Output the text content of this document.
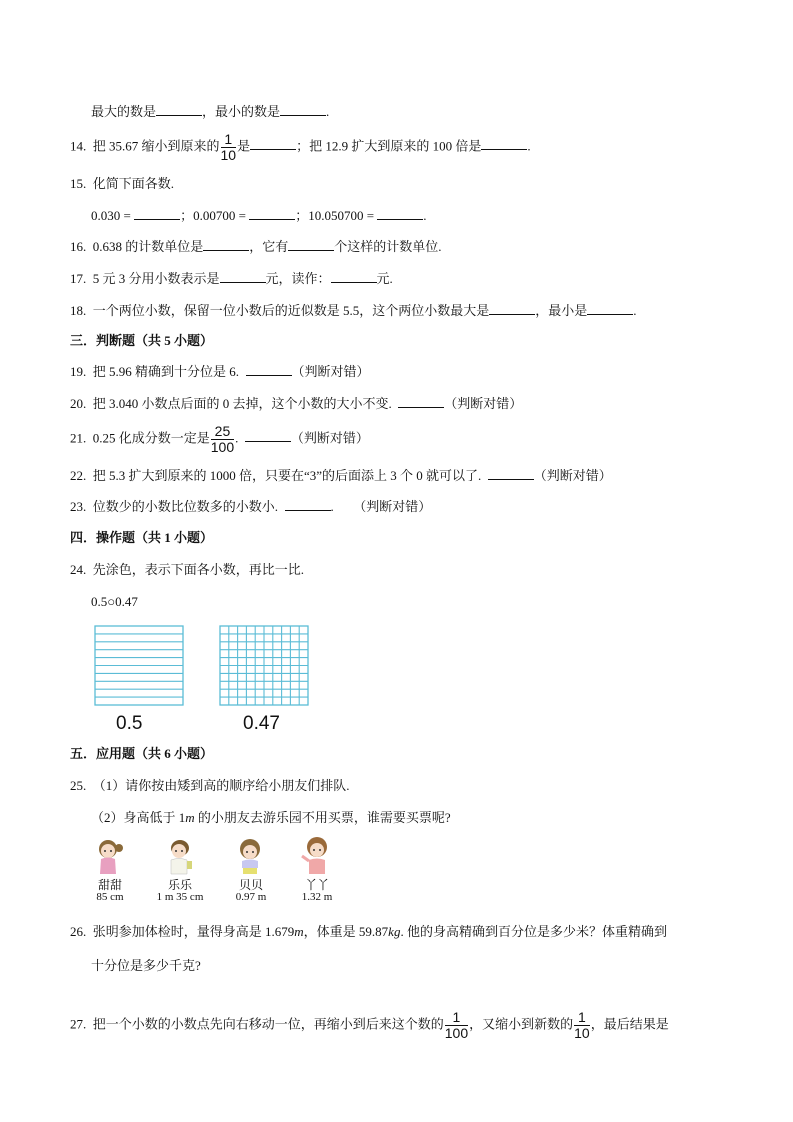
最大的数是	，最小的数是	.
14. 把 35.67 缩小到原来的 $\frac{1}{10}$ 是	；把 12.9 扩大到原来的 100 倍是	.
15. 化简下面各数.
0.030 =	；0.00700 =	；10.050700 =	.
16. 0.638 的计数单位是	，它有	个这样的计数单位.
17. 5 元 3 分用小数表示是	元，读作：	元.
18. 一个两位小数，保留一位小数后的近似数是 5.5，这个两位小数最大是	，最小是	.
三．判断题（共 5 小题）
19. 把 5.96 精确到十分位是 6.	（判断对错）
20. 把 3.040 小数点后面的 0 去掉，这个小数的大小不变.	（判断对错）
21. 0.25 化成分数一定是 $\frac{25}{100}$ .	（判断对错）
22. 把 5.3 扩大到原来的 1000 倍，只要在“3”的后面添上 3 个 0 就可以了.	（判断对错）
23. 位数少的小数比位数多的小数小.	. （判断对错）
四．操作题（共 1 小题）
24. 先涂色，表示下面各小数，再比一比.
0.5○0.47
0.5	0.47
五．应用题（共 6 小题）
25. （1）请你按由矮到高的顺序给小朋友们排队.
（2）身高低于 1m 的小朋友去游乐园不用买票，谁需要买票呢?
甜甜
85 cm
乐乐
1 m 35 cm
贝贝
0.97 m
丫丫
1.32 m
26. 张明参加体检时，量得身高是 1.679m，体重是 59.87kg. 他的身高精确到百分位是多少米？体重精确到
十分位是多少千克?
27. 把一个小数的小数点先向右移动一位，再缩小到后来这个数的 $\frac{1}{100}$ ，又缩小到新数的 $\frac{1}{10}$ ，最后结果是
